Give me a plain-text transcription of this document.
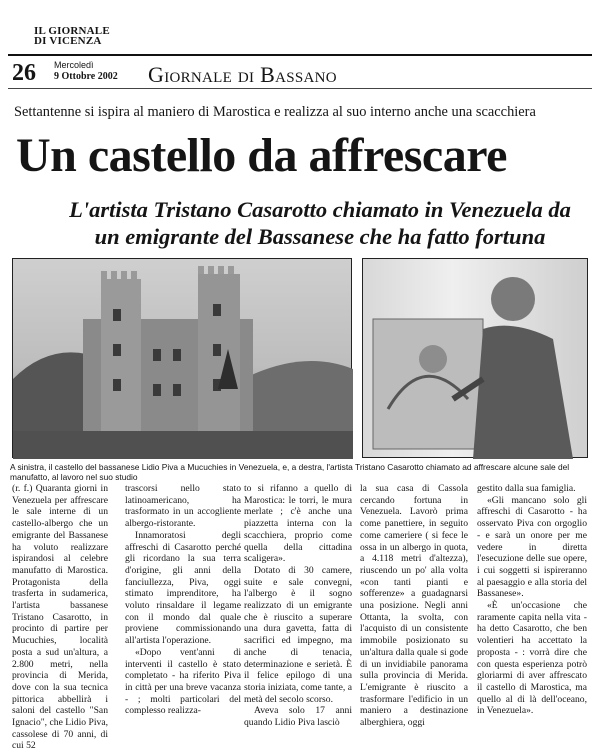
IL GIORNALE
DI VICENZA
26 Mercoledì
9 Ottobre 2002 Giornale di Bassano
Settantenne si ispira al maniero di Marostica e realizza al suo interno anche una scacchiera
Un castello da affrescare
L'artista Tristano Casarotto chiamato in Venezuela da un emigrante del Bassanese che ha fatto fortuna
A sinistra, il castello del bassanese Lidio Piva a Mucuchies in Venezuela, e, a destra, l'artista Tristano Casarotto chiamato ad affrescare alcune sale del manufatto, al lavoro nel suo studio

(r. f.) Quaranta giorni in Venezuela per affrescare le sale interne di un castello-albergo che un emigrante del Bassanese ha voluto realizzare ispirandosi al celebre manufatto di Marostica. Protagonista della trasferta in sudamerica, l'artista bassanese Tristano Casarotto, in procinto di partire per Mucuchies, località posta a sud un'altura, a 2.800 metri, nella provincia di Merida, dove con la sua tecnica pittorica abbellirà i saloni del castello "San Ignacio", che Lidio Piva, cassolese di 70 anni, di cui 52

trascorsi nello stato latinoamericano, ha trasformato in un accogliente albergo-ristorante.

Innamoratosi degli affreschi di Casarotto perché gli ricordano la sua terra d'origine, gli anni della fanciullezza, Piva, oggi stimato imprenditore, ha voluto rinsaldare il legame con il mondo dal quale proviene commissionando all'artista l'operazione.

«Dopo vent'anni di interventi il castello è stato completato - ha riferito Piva in città per una breve vacanza - ; molti particolari del complesso realizza-

to si rifanno a quello di Marostica: le torri, le mura merlate ; c'è anche una piazzetta interna con la scacchiera, proprio come quella della cittadina scaligera».

Dotato di 30 camere, suite e sale convegni, l'albergo è il sogno realizzato di un emigrante che è riuscito a superare una dura gavetta, fatta di sacrifici ed impegno, ma anche di tenacia, determinazione e serietà. È il felice epilogo di una storia iniziata, come tante, a metà del secolo scorso.

Aveva solo 17 anni quando Lidio Piva lasciò

la sua casa di Cassola cercando fortuna in Venezuela. Lavorò prima come panettiere, in seguito come cameriere ( si fece le ossa in un albergo in quota, a 4.118 metri d'altezza), riuscendo un po' alla volta «con tanti pianti e sofferenze» a guadagnarsi una posizione. Negli anni Ottanta, la svolta, con l'acquisto di un consistente immobile posizionato su un'altura dalla quale si gode di un invidiabile panorama sulla provincia di Merida. L'emigrante è riuscito a trasformare l'edificio in un maniero a destinazione alberghiera, oggi

gestito dalla sua famiglia.

«Gli mancano solo gli affreschi di Casarotto - ha osservato Piva con orgoglio - e sarà un onore per me vedere in diretta l'esecuzione delle sue opere, i cui soggetti si ispireranno al paesaggio e alla storia del Bassanese».

«È un'occasione che raramente capita nella vita - ha detto Casarotto, che ben volentieri ha accettato la proposta - : vorrà dire che con questa esperienza potrò gloriarmi di aver affrescato il castello di Marostica, ma quello al di là dell'oceano, in Venezuela».
